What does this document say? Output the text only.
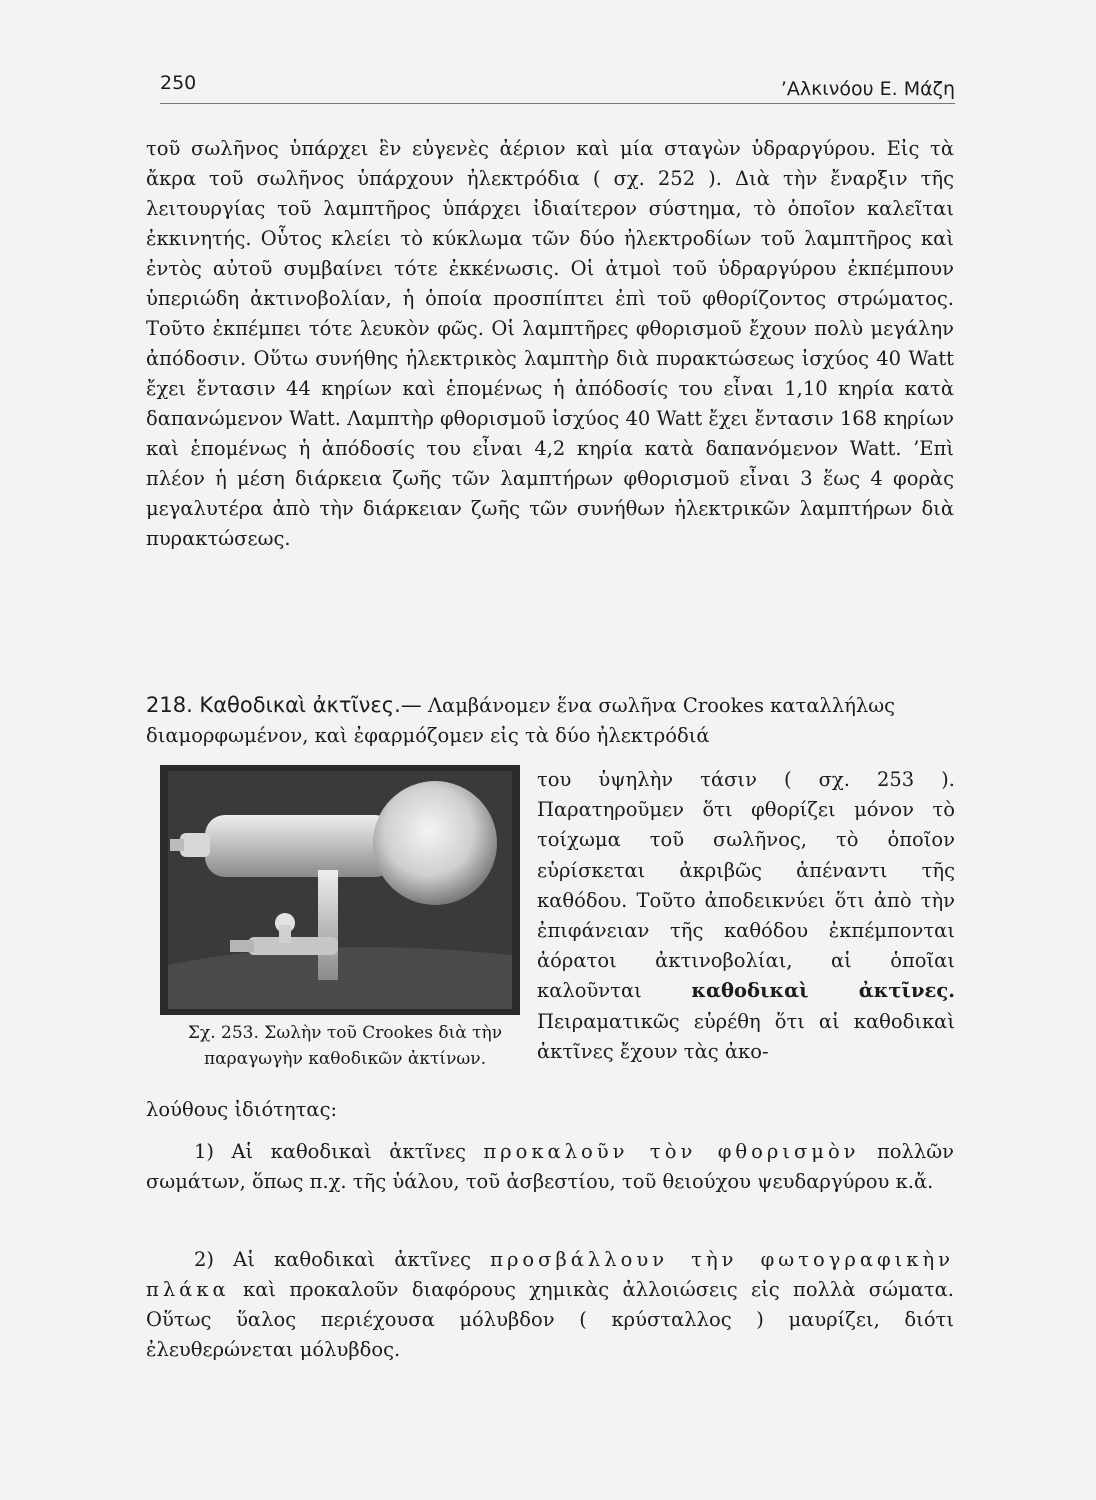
250	’Αλκινόου Ε. Μάζη

τοῦ σωλῆνος ὑπάρχει ἓν εὐγενὲς ἀέριον καὶ μία σταγὼν ὑδραργύρου. Εἰς τὰ ἄκρα τοῦ σωλῆνος ὑπάρχουν ἠλεκτρόδια ( σχ. 252 ). Διὰ τὴν ἔναρξιν τῆς λειτουργίας τοῦ λαμπτῆρος ὑπάρχει ἰδιαίτερον σύστημα, τὸ ὁποῖον καλεῖται ἐκκινητής. Οὗτος κλείει τὸ κύκλωμα τῶν δύο ἠλεκτροδίων τοῦ λαμπτῆρος καὶ ἐντὸς αὐτοῦ συμβαίνει τότε ἐκκένωσις. Οἱ ἀτμοὶ τοῦ ὑδραργύρου ἐκπέμπουν ὑπεριώδη ἀκτινοβολίαν, ἡ ὁποία προσπίπτει ἐπὶ τοῦ φθορίζοντος στρώματος. Τοῦτο ἐκπέμπει τότε λευκὸν φῶς. Οἱ λαμπτῆρες φθορισμοῦ ἔχουν πολὺ μεγάλην ἀπόδοσιν. Οὕτω συνήθης ἠλεκτρικὸς λαμπτὴρ διὰ πυρακτώσεως ἰσχύος 40 Watt ἔχει ἔντασιν 44 κηρίων καὶ ἑπομένως ἡ ἀπόδοσίς του εἶναι 1,10 κηρία κατὰ δαπανώμενον Watt. Λαμπτὴρ φθορισμοῦ ἰσχύος 40 Watt ἔχει ἔντασιν 168 κηρίων καὶ ἑπομένως ἡ ἀπόδοσίς του εἶναι 4,2 κηρία κατὰ δαπανόμενον Watt. ’Επὶ πλέον ἡ μέση διάρκεια ζωῆς τῶν λαμπτήρων φθορισμοῦ εἶναι 3 ἕως 4 φορὰς μεγαλυτέρα ἀπὸ τὴν διάρκειαν ζωῆς τῶν συνήθων ἠλεκτρικῶν λαμπτήρων διὰ πυρακτώσεως.

218. Καθοδικαὶ ἀκτῖνες.— Λαμβάνομεν ἕνα σωλῆνα Crookes καταλλήλως διαμορφωμένον, καὶ ἐφαρμόζομεν εἰς τὰ δύο ἠλεκτρόδιά

Σχ. 253. Σωλὴν τοῦ Crookes διὰ τὴν παραγωγὴν καθοδικῶν ἀκτίνων.

του ὑψηλὴν τάσιν ( σχ. 253 ). Παρατηροῦμεν ὅτι φθορίζει μόνον τὸ τοίχωμα τοῦ σωλῆνος, τὸ ὁποῖον εὑρίσκεται ἀκριβῶς ἀπέναντι τῆς καθόδου. Τοῦτο ἀποδεικνύει ὅτι ἀπὸ τὴν ἐπιφάνειαν τῆς καθόδου ἐκπέμπονται ἀόρατοι ἀκτινοβολίαι, αἱ ὁποῖαι καλοῦνται	καθοδικαὶ ἀκτῖνες. Πειραματικῶς εὑρέθη ὅτι αἱ καθοδικαὶ ἀκτῖνες ἔχουν τὰς ἀκο-

λούθους ἰδιότητας:

1) Αἱ καθοδικαὶ ἀκτῖνες προκαλοῦν τὸν φθορισμὸν πολλῶν σωμάτων, ὅπως π.χ. τῆς ὑάλου, τοῦ ἀσβεστίου, τοῦ θειούχου ψευδαργύρου κ.ἄ.

2) Αἱ καθοδικαὶ ἀκτῖνες προσβάλλουν τὴν φωτογραφικὴν πλάκα καὶ προκαλοῦν διαφόρους χημικὰς ἀλλοιώσεις εἰς πολλὰ σώματα. Οὕτως ὕαλος περιέχουσα μόλυβδον ( κρύσταλλος ) μαυρίζει, διότι ἐλευθερώνεται μόλυβδος.
